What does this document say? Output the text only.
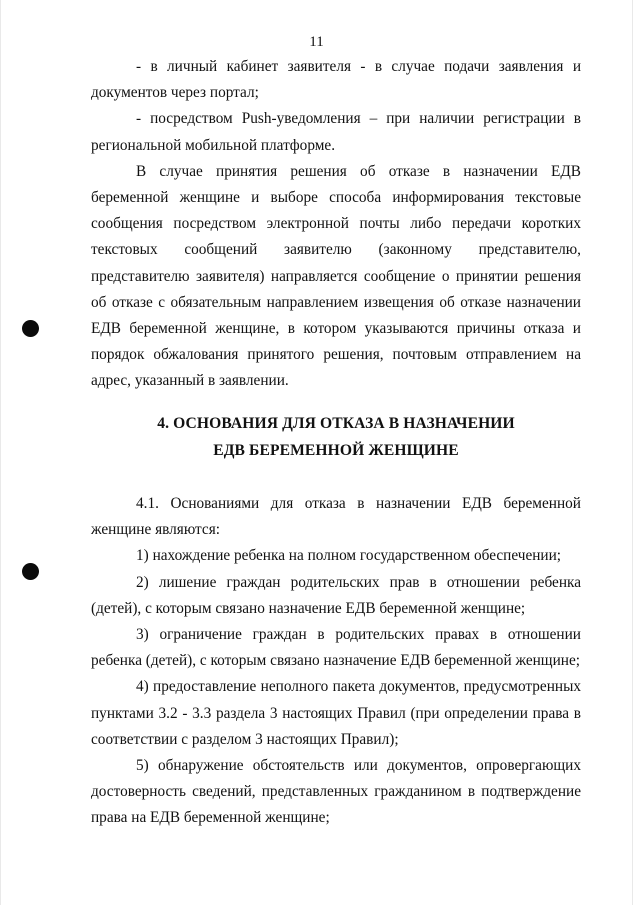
11

- в личный кабинет заявителя - в случае подачи заявления и документов через портал;

- посредством Push-уведомления – при наличии регистрации в региональной мобильной платформе.

В случае принятия решения об отказе в назначении ЕДВ беременной женщине и выборе способа информирования текстовые сообщения посредством электронной почты либо передачи коротких текстовых сообщений заявителю (законному представителю, представителю заявителя) направляется сообщение о принятии решения об отказе с обязательным направлением извещения об отказе назначении ЕДВ беременной женщине, в котором указываются причины отказа и порядок обжалования принятого решения, почтовым отправлением на адрес, указанный в заявлении.

4. ОСНОВАНИЯ ДЛЯ ОТКАЗА В НАЗНАЧЕНИИ

ЕДВ БЕРЕМЕННОЙ ЖЕНЩИНЕ

4.1. Основаниями для отказа в назначении ЕДВ беременной женщине являются:

1) нахождение ребенка на полном государственном обеспечении;

2) лишение граждан родительских прав в отношении ребенка (детей), с которым связано назначение ЕДВ беременной женщине;

3) ограничение граждан в родительских правах в отношении ребенка (детей), с которым связано назначение ЕДВ беременной женщине;

4) предоставление неполного пакета документов, предусмотренных пунктами 3.2 - 3.3 раздела 3 настоящих Правил (при определении права в соответствии с разделом 3 настоящих Правил);

5) обнаружение обстоятельств или документов, опровергающих достоверность сведений, представленных гражданином в подтверждение права на ЕДВ беременной женщине;
